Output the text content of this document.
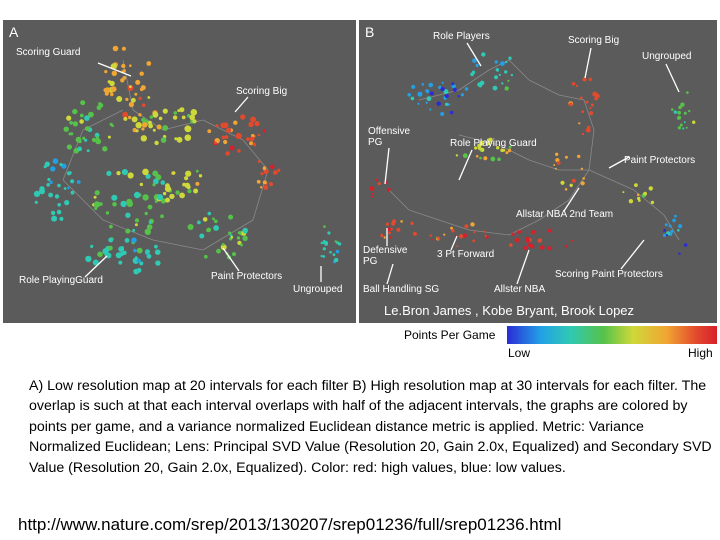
A
Scoring Guard
Scoring Big
Role PlayingGuard	Paint Protectors
Ungrouped
B	Role Players	Scoring Big
Ungrouped
Offensive
PG	Role Playing Guard
Paint Protectors
Allstar NBA 2nd Team
Defensive
PG
3 Pt Forward
Ball Handling SG	Allster NBA
Scoring Paint Protectors
Le.Bron James , Kobe Bryant, Brook Lopez
Points Per Game
Low	High
A) Low resolution map at 20 intervals for each filter B) High resolution map at 30 intervals for each filter. The overlap is such at that each interval overlaps with half of the adjacent intervals, the graphs are colored by points per game, and a variance normalized Euclidean distance metric is applied. Metric: Variance Normalized Euclidean; Lens: Principal SVD Value (Resolution 20, Gain 2.0x, Equalized) and Secondary SVD Value (Resolution 20, Gain 2.0x, Equalized). Color: red: high values, blue: low values.
http://www.nature.com/srep/2013/130207/srep01236/full/srep01236.html
